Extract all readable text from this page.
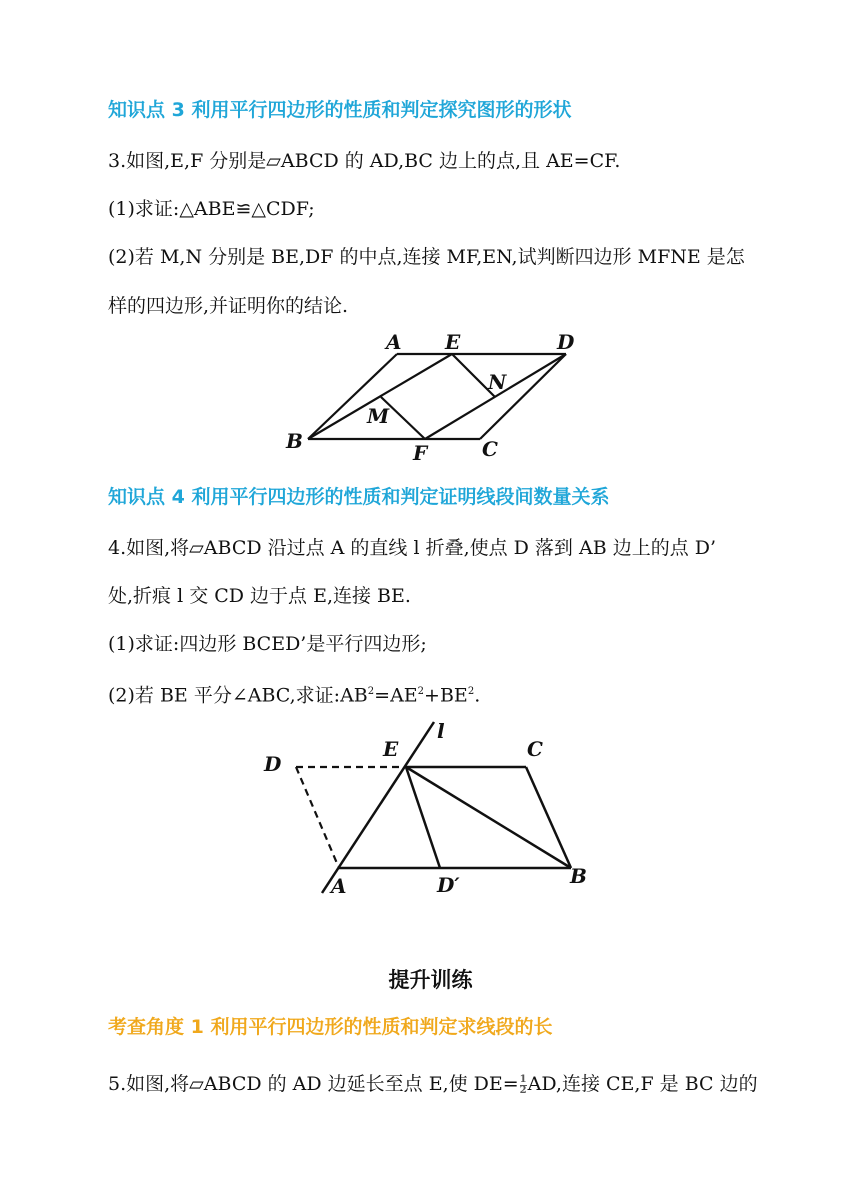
知识点 3 利用平行四边形的性质和判定探究图形的形状
3.如图,E,F 分别是▱ABCD 的 AD,BC 边上的点,且 AE=CF.
(1)求证:△ABE≌△CDF;
(2)若 M,N 分别是 BE,DF 的中点,连接 MF,EN,试判断四边形 MFNE 是怎
样的四边形,并证明你的结论.
A E	D
N
M
B	F	C
知识点 4 利用平行四边形的性质和判定证明线段间数量关系
4.如图,将▱ABCD 沿过点 A 的直线 l 折叠,使点 D 落到 AB 边上的点 D’
处,折痕 l 交 CD 边于点 E,连接 BE.
(1)求证:四边形 BCED’是平行四边形;
(2)若 BE 平分∠ABC,求证$:AB^2=AE^2+BE^2$.
D
E
l
C
A	D′	B
提升训练
考查角度 1 利用平行四边形的性质和判定求线段的长
5.如图,将▱ABCD 的 AD 边延长至点 E,使 $DE= \frac{1}{2}$ AD,连接 CE,F 是 BC 边的
